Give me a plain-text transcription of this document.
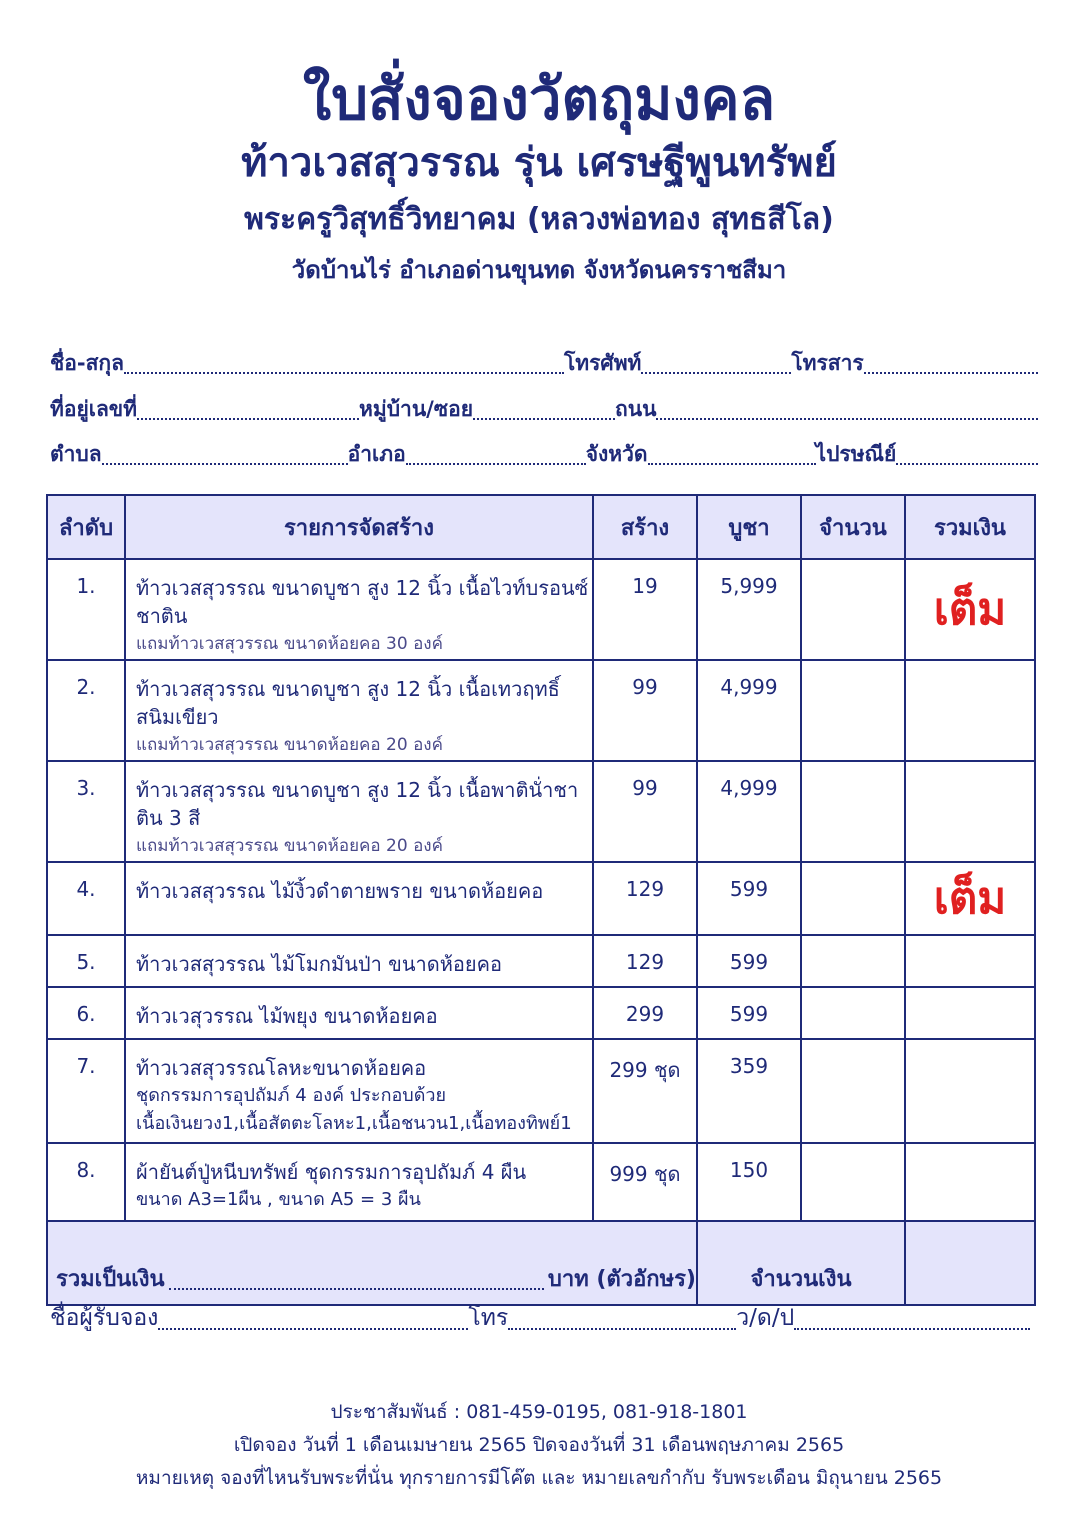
ใบสั่งจองวัตถุมงคล
ท้าวเวสสุวรรณ รุ่น เศรษฐีพูนทรัพย์
พระครูวิสุทธิ์วิทยาคม (หลวงพ่อทอง สุทธสีโล)
วัดบ้านไร่ อำเภอด่านขุนทด จังหวัดนครราชสีมา
ชื่อ-สกุล	โทรศัพท์	โทรสาร
ที่อยู่เลขที่	หมู่บ้าน/ซอย	ถนน
ตำบล	อำเภอ	จังหวัด	ไปรษณีย์
ลำดับ	รายการจัดสร้าง	สร้าง	บูชา	จำนวน	รวมเงิน
1.	ท้าวเวสสุวรรณ ขนาดบูชา สูง 12 นิ้ว เนื้อไวท์บรอนซ์ชาติน
แถมท้าวเวสสุวรรณ ขนาดห้อยคอ 30 องค์	19	5,999		เต็ม
2.	ท้าวเวสสุวรรณ ขนาดบูชา สูง 12 นิ้ว เนื้อเทวฤทธิ์สนิมเขียว
แถมท้าวเวสสุวรรณ ขนาดห้อยคอ 20 องค์	99	4,999		
3.	ท้าวเวสสุวรรณ ขนาดบูชา สูง 12 นิ้ว เนื้อพาตินั่าชาติน 3 สี
แถมท้าวเวสสุวรรณ ขนาดห้อยคอ 20 องค์	99	4,999		
4.	ท้าวเวสสุวรรณ ไม้งิ้วดำตายพราย ขนาดห้อยคอ	129	599		เต็ม
5.	ท้าวเวสสุวรรณ ไม้โมกมันป่า ขนาดห้อยคอ	129	599		
6.	ท้าวเวสุวรรณ ไม้พยุง ขนาดห้อยคอ	299	599		
7.	ท้าวเวสสุวรรณโลหะขนาดห้อยคอ
ชุดกรรมการอุปถัมภ์ 4 องค์ ประกอบด้วย
เนื้อเงินยวง1,เนื้อสัตตะโลหะ1,เนื้อชนวน1,เนื้อทองทิพย์1	299 ชุด	359		
8.	ผ้ายันต์ปู่หนีบทรัพย์ ชุดกรรมการอุปถัมภ์ 4 ผืน
ขนาด A3=1ผืน , ขนาด A5 = 3 ผืน	999 ชุด	150		

รวมเป็นเงิน บาท (ตัวอักษร)			จำนวนเงิน		
ชื่อผู้รับจอง	โทร	ว/ด/ป
ประชาสัมพันธ์ : 081-459-0195, 081-918-1801
เปิดจอง วันที่ 1 เดือนเมษายน 2565 ปิดจองวันที่ 31 เดือนพฤษภาคม 2565
หมายเหตุ จองที่ไหนรับพระที่นั่น ทุกรายการมีโค๊ต และ หมายเลขกำกับ รับพระเดือน มิถุนายน 2565
